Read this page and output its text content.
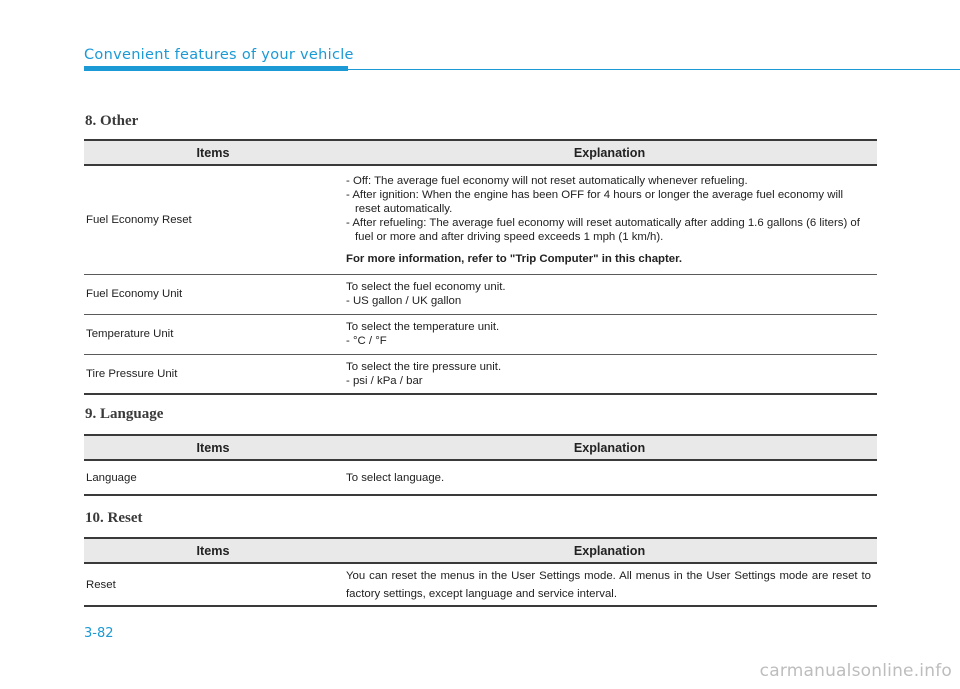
Convenient features of your vehicle
8. Other
Items	Explanation
Fuel Economy Reset	- Off: The average fuel economy will not reset automatically whenever refueling.
- After ignition: When the engine has been OFF for 4 hours or longer the average fuel economy will reset automatically.
- After refueling: The average fuel economy will reset automatically after adding 1.6 gallons (6 liters) of fuel or more and after driving speed exceeds 1 mph (1 km/h).
For more information, refer to "Trip Computer" in this chapter.

Fuel Economy Unit	To select the fuel economy unit.
- US gallon / UK gallon

Temperature Unit	To select the temperature unit.
- °C / °F

Tire Pressure Unit	To select the tire pressure unit.
- psi / kPa / bar
9. Language
Items	Explanation
Language	To select language.
10. Reset
Items	Explanation
Reset	You can reset the menus in the User Settings mode. All menus in the User Settings mode are reset to factory settings, except language and service interval.
3-82
carmanualsonline.info
